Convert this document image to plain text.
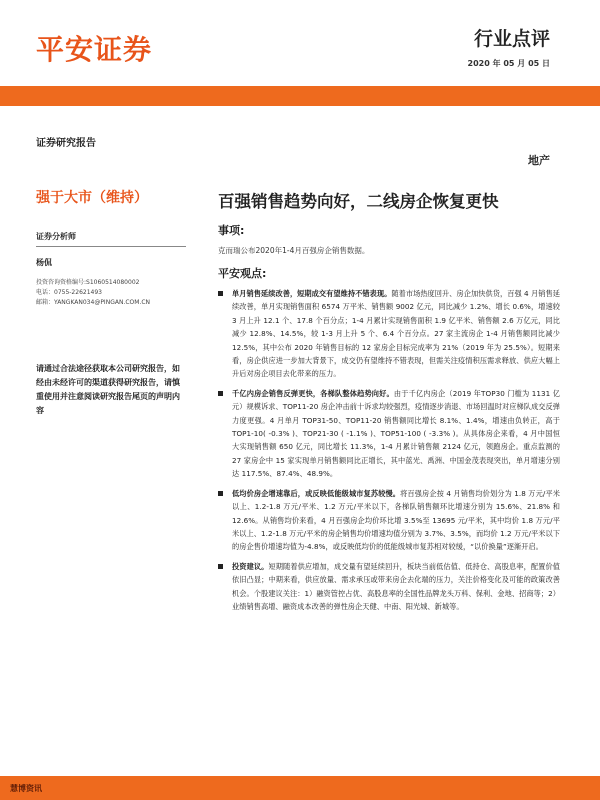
平安证券	行业点评
2020 年 05 月 05 日
证券研究报告
强于大市（维持）
证券分析师
杨侃
投资咨询资格编号:S1060514080002
电话：0755-22621493
邮箱：YANGKAN034@PINGAN.COM.CN
请通过合法途径获取本公司研究报告，如经由未经许可的渠道获得研究报告，请慎重使用并注意阅读研究报告尾页的声明内容
地产
百强销售趋势向好，二线房企恢复更快
事项:
克而瑞公布2020年1-4月百强房企销售数据。
平安观点:
单月销售延续改善，短期成交有望维持不错表现。随着市场热度回升、房企加快供货，百强 4 月销售延续改善，单月实现销售面积 6574 万平米、销售额 9002 亿元，同比减少 1.2%、增长 0.6%，增速较 3 月上升 12.1 个、17.8 个百分点；1-4 月累计实现销售面积 1.9 亿平米、销售额 2.6 万亿元，同比减少 12.8%、14.5%，较 1-3 月上升 5 个、6.4 个百分点。27 家主流房企 1-4 月销售额同比减少 12.5%，其中公布 2020 年销售目标的 12 家房企目标完成率为 21%（2019 年为 25.5%）。短期来看，房企供应进一步加大背景下，成交仍有望维持不错表现，但需关注疫情积压需求释放、供应大幅上升后对房企项目去化带来的压力。
千亿内房企销售反弹更快，各梯队整体趋势向好。由于千亿内房企（2019 年TOP30 门槛为 1131 亿元）规模诉求、TOP11-20 房企冲击前十诉求均较强烈，疫情逐步消退、市场回温时对应梯队成交反弹力度更强。4 月单月 TOP31-50、TOP11-20 销售额同比增长 8.1%、1.4%，增速由负转正，高于 TOP1-10( -0.3% )、TOP21-30 ( -1.1% )、TOP51-100 ( -3.3% )。从具体房企来看，4 月中国恒大实现销售额 650 亿元，同比增长 11.3%，1-4 月累计销售额 2124 亿元，领跑房企。重点监测的 27 家房企中 15 家实现单月销售额同比正增长，其中蓝光、禹洲、中国金茂表现突出，单月增速分别达 117.5%、87.4%、48.9%。
低均价房企增速靠后，或反映低能级城市复苏较慢。将百强房企按 4 月销售均价划分为 1.8 万元/平米以上、1.2-1.8 万元/平米、1.2 万元/平米以下，各梯队销售额环比增速分别为 15.6%、21.8% 和 12.6%。从销售均价来看，4 月百强房企均价环比增 3.5%至 13695 元/平米，其中均价 1.8 万元/平米以上、1.2-1.8 万元/平米的房企销售均价增速均值分别为 3.7%、3.5%，而均价 1.2 万元/平米以下的房企售价增速均值为-4.8%，或反映低均价的低能级城市复苏相对较缓，“以价换量”逐渐开启。
投资建议。短期随着供应增加，成交量有望延续回升，板块当前低估值、低持仓、高股息率，配置价值依旧凸显；中期来看，供应放量、需求承压或带来房企去化端的压力，关注价格变化及可能的政策改善机会。个股建议关注：1）融资管控占优、高股息率的全国性品牌龙头万科、保利、金地、招商等；2）业绩销售高增、融资成本改善的弹性房企天健、中南、阳光城、新城等。
慧博资讯
